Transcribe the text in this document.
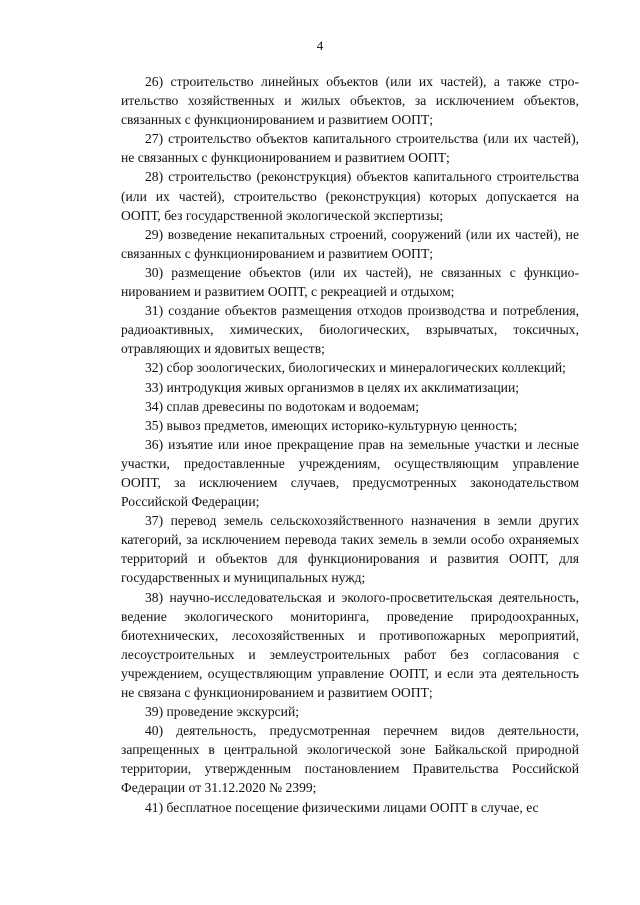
4

26) строительство линейных объектов (или их частей), а также строительство хозяйственных и жилых объектов, за исключением объектов, связанных с функционированием и развитием ООПТ;

27) строительство объектов капитального строительства (или их частей), не связанных с функционированием и развитием ООПТ;

28) строительство (реконструкция) объектов капитального строительства (или их частей), строительство (реконструкция) которых допускается на ООПТ, без государственной экологической экспертизы;

29) возведение некапитальных строений, сооружений (или их частей), не связанных с функционированием и развитием ООПТ;

30) размещение объектов (или их частей), не связанных с функционированием и развитием ООПТ, с рекреацией и отдыхом;

31) создание объектов размещения отходов производства и потребления, радиоактивных, химических, биологических, взрывчатых, токсичных, отравляющих и ядовитых веществ;

32) сбор зоологических, биологических и минералогических коллекций;

33) интродукция живых организмов в целях их акклиматизации;

34) сплав древесины по водотокам и водоемам;

35) вывоз предметов, имеющих историко-культурную ценность;

36) изъятие или иное прекращение прав на земельные участки и лесные участки, предоставленные учреждениям, осуществляющим управление ООПТ, за исключением случаев, предусмотренных законодательством Российской Федерации;

37) перевод земель сельскохозяйственного назначения в земли других категорий, за исключением перевода таких земель в земли особо охраняемых территорий и объектов для функционирования и развития ООПТ, для государственных и муниципальных нужд;

38) научно-исследовательская и эколого-просветительская деятельность, ведение экологического мониторинга, проведение природоохранных, биотехнических, лесохозяйственных и противопожарных мероприятий, лесоустроительных и землеустроительных работ без согласования с учреждением, осуществляющим управление ООПТ, и если эта деятельность не связана с функционированием и развитием ООПТ;

39) проведение экскурсий;

40) деятельность, предусмотренная перечнем видов деятельности, запрещенных в центральной экологической зоне Байкальской природной территории, утвержденным постановлением Правительства Российской Федерации от 31.12.2020 № 2399;

41) бесплатное посещение физическими лицами ООПТ в случае, ес
